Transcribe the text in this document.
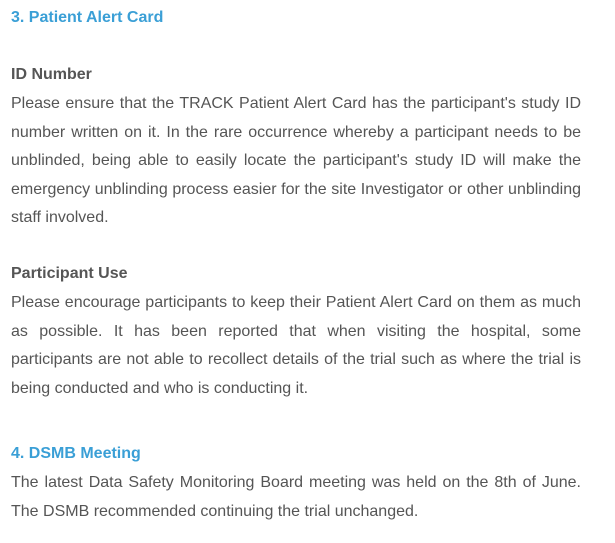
3. Patient Alert Card
ID Number

Please ensure that the TRACK Patient Alert Card has the participant's study ID number written on it. In the rare occurrence whereby a participant needs to be unblinded, being able to easily locate the participant's study ID will make the emergency unblinding process easier for the site Investigator or other unblinding staff involved.

Participant Use

Please encourage participants to keep their Patient Alert Card on them as much as possible. It has been reported that when visiting the hospital, some participants are not able to recollect details of the trial such as where the trial is being conducted and who is conducting it.

4. DSMB Meeting

The latest Data Safety Monitoring Board meeting was held on the 8th of June. The DSMB recommended continuing the trial unchanged.
